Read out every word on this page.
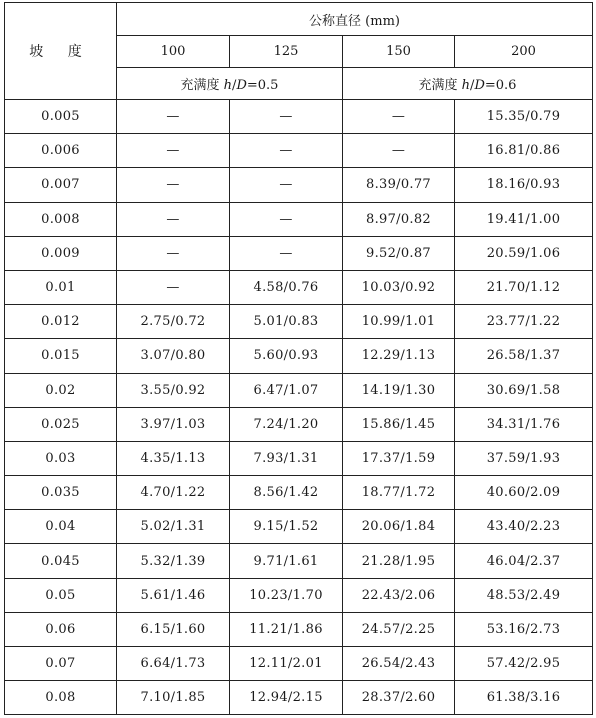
坡 度	公称直径 (mm)			
	100	125	150	200
	充满度 h/D=0.5		充满度 h/D=0.6	
0.005	—	—	—	15.35/0.79
0.006	—	—	—	16.81/0.86
0.007	—	—	8.39/0.77	18.16/0.93
0.008	—	—	8.97/0.82	19.41/1.00
0.009	—	—	9.52/0.87	20.59/1.06
0.01	—	4.58/0.76	10.03/0.92	21.70/1.12
0.012	2.75/0.72	5.01/0.83	10.99/1.01	23.77/1.22
0.015	3.07/0.80	5.60/0.93	12.29/1.13	26.58/1.37
0.02	3.55/0.92	6.47/1.07	14.19/1.30	30.69/1.58
0.025	3.97/1.03	7.24/1.20	15.86/1.45	34.31/1.76
0.03	4.35/1.13	7.93/1.31	17.37/1.59	37.59/1.93
0.035	4.70/1.22	8.56/1.42	18.77/1.72	40.60/2.09
0.04	5.02/1.31	9.15/1.52	20.06/1.84	43.40/2.23
0.045	5.32/1.39	9.71/1.61	21.28/1.95	46.04/2.37
0.05	5.61/1.46	10.23/1.70	22.43/2.06	48.53/2.49
0.06	6.15/1.60	11.21/1.86	24.57/2.25	53.16/2.73
0.07	6.64/1.73	12.11/2.01	26.54/2.43	57.42/2.95
0.08	7.10/1.85	12.94/2.15	28.37/2.60	61.38/3.16
